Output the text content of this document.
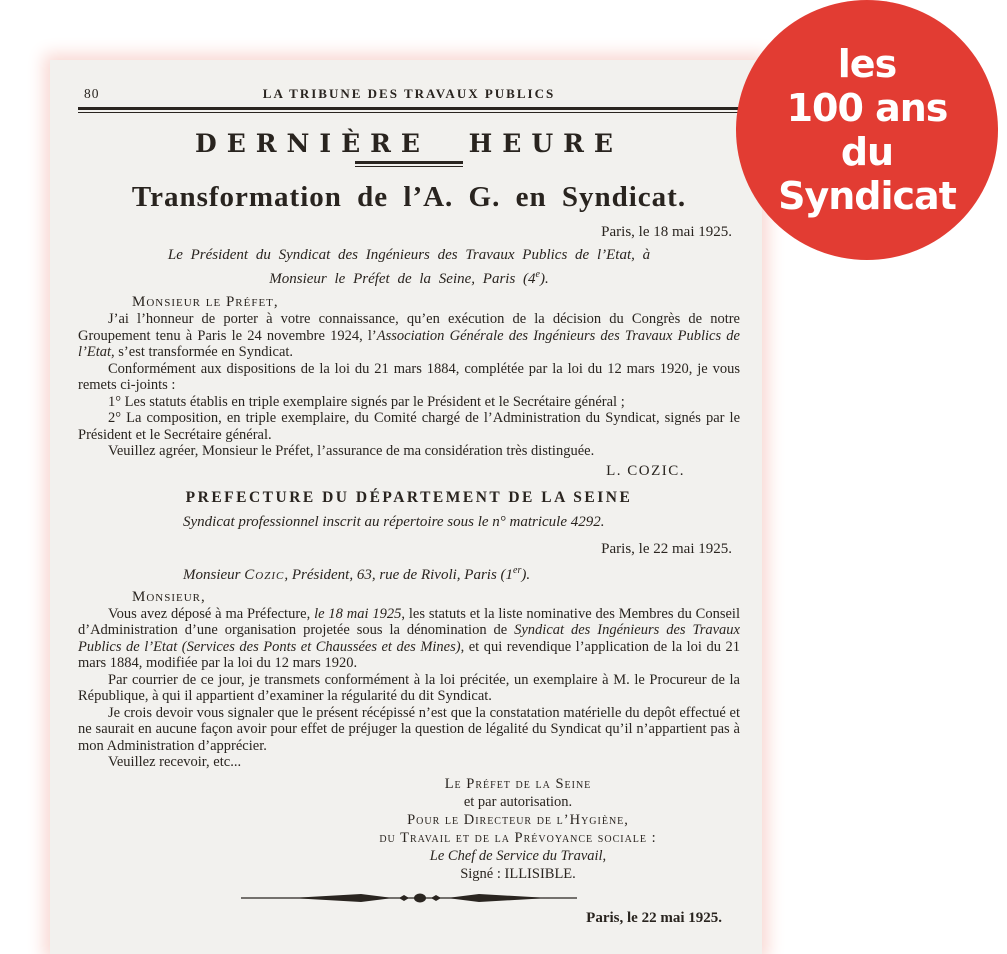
80	LA TRIBUNE DES TRAVAUX PUBLICS
DERNIÈRE HEURE
Transformation de l’A. G. en Syndicat.
Paris, le 18 mai 1925.
Le Président du Syndicat des Ingénieurs des Travaux Publics de l’Etat, à
Monsieur le Préfet de la Seine, Paris (4e).
Monsieur le Préfet,

J’ai l’honneur de porter à votre connaissance, qu’en exécution de la décision du Congrès de notre Groupement tenu à Paris le 24 novembre 1924, l’Association Générale des Ingénieurs des Travaux Publics de l’Etat, s’est transformée en Syndicat.

Conformément aux dispositions de la loi du 21 mars 1884, complétée par la loi du 12 mars 1920, je vous remets ci-joints :

1° Les statuts établis en triple exemplaire signés par le Président et le Secrétaire général ;

2° La composition, en triple exemplaire, du Comité chargé de l’Administration du Syndicat, signés par le Président et le Secrétaire général.

Veuillez agréer, Monsieur le Préfet, l’assurance de ma considération très distinguée.

L. COZIC.
PREFECTURE DU DÉPARTEMENT DE LA SEINE
Syndicat professionnel inscrit au répertoire sous le n° matricule 4292.
Paris, le 22 mai 1925.
Monsieur Cozic, Président, 63, rue de Rivoli, Paris (1er).
Monsieur,

Vous avez déposé à ma Préfecture, le 18 mai 1925, les statuts et la liste nominative des Membres du Conseil d’Administration d’une organisation projetée sous la dénomination de Syndicat des Ingénieurs des Travaux Publics de l’Etat (Services des Ponts et Chaussées et des Mines), et qui revendique l’application de la loi du 21 mars 1884, modifiée par la loi du 12 mars 1920.

Par courrier de ce jour, je transmets conformément à la loi précitée, un exemplaire à M. le Procureur de la République, à qui il appartient d’examiner la régularité du dit Syndicat.

Je crois devoir vous signaler que le présent récépissé n’est que la constatation matérielle du depôt effectué et ne saurait en aucune façon avoir pour effet de préjuger la question de légalité du Syndicat qu’il n’appartient pas à mon Administration d’apprécier.

Veuillez recevoir, etc...

Le Préfet de la Seine
et par autorisation.
Pour le Directeur de l’Hygiène,
du Travail et de la Prévoyance sociale :
Le Chef de Service du Travail,
Signé : ILLISIBLE.
Paris, le 22 mai 1925.
les
100 ans
du
Syndicat
